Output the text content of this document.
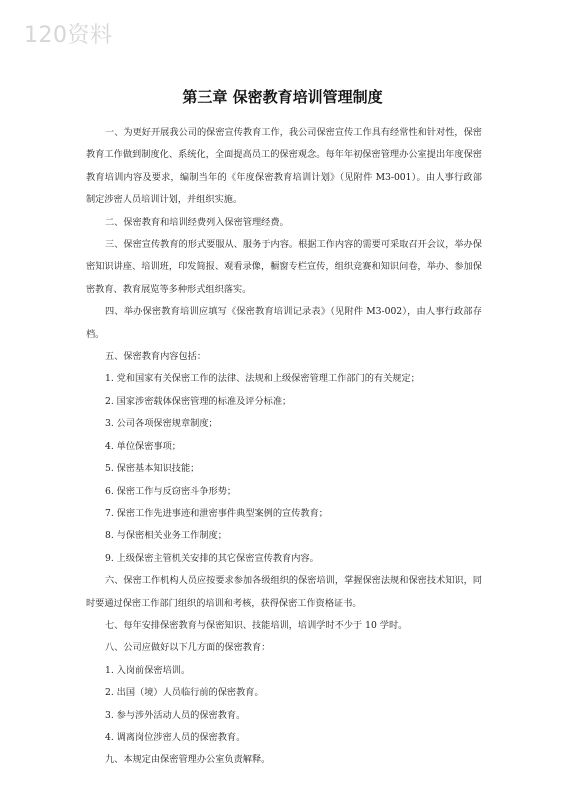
120资料
第三章 保密教育培训管理制度

一、为更好开展我公司的保密宣传教育工作，我公司保密宣传工作具有经常性和针对性，保密教育工作做到制度化、系统化，全面提高员工的保密观念。每年年初保密管理办公室提出年度保密教育培训内容及要求，编制当年的《年度保密教育培训计划》（见附件 M3-001）。由人事行政部制定涉密人员培训计划，并组织实施。

二、保密教育和培训经费列入保密管理经费。

三、保密宣传教育的形式要服从、服务于内容。根据工作内容的需要可采取召开会议，举办保密知识讲座、培训班，印发简报、观看录像，橱窗专栏宣传，组织竞赛和知识问卷，举办、参加保密教育、教育展览等多种形式组织落实。

四、举办保密教育培训应填写《保密教育培训记录表》（见附件 M3-002），由人事行政部存档。

五、保密教育内容包括：

1. 党和国家有关保密工作的法律、法规和上级保密管理工作部门的有关规定；

2. 国家涉密载体保密管理的标准及评分标准；

3. 公司各项保密规章制度；

4. 单位保密事项；

5. 保密基本知识技能；

6. 保密工作与反窃密斗争形势；

7. 保密工作先进事迹和泄密事件典型案例的宣传教育；

8. 与保密相关业务工作制度；

9. 上级保密主管机关安排的其它保密宣传教育内容。

六、保密工作机构人员应按要求参加各级组织的保密培训，掌握保密法规和保密技术知识，同时要通过保密工作部门组织的培训和考核，获得保密工作资格证书。

七、每年安排保密教育与保密知识、技能培训，培训学时不少于 10 学时。

八、公司应做好以下几方面的保密教育：

1. 入岗前保密培训。

2. 出国（境）人员临行前的保密教育。

3. 参与涉外活动人员的保密教育。

4. 调离岗位涉密人员的保密教育。

九、本规定由保密管理办公室负责解释。
